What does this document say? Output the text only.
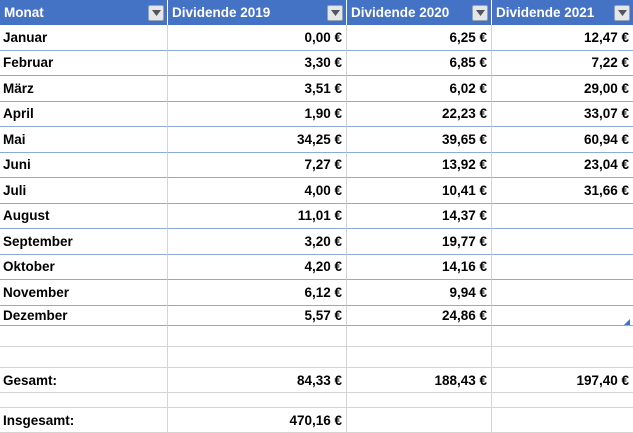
Monat	Dividende 2019	Dividende 2020	Dividende 2021
Januar	0,00 €	6,25 €	12,47 €
Februar	3,30 €	6,85 €	7,22 €
März	3,51 €	6,02 €	29,00 €
April	1,90 €	22,23 €	33,07 €
Mai	34,25 €	39,65 €	60,94 €
Juni	7,27 €	13,92 €	23,04 €
Juli	4,00 €	10,41 €	31,66 €
August	11,01 €	14,37 €
September	3,20 €	19,77 €
Oktober	4,20 €	14,16 €
November	6,12 €	9,94 €
Dezember	5,57 €	24,86 €
Gesamt:	84,33 €	188,43 €	197,40 €
Insgesamt:	470,16 €
